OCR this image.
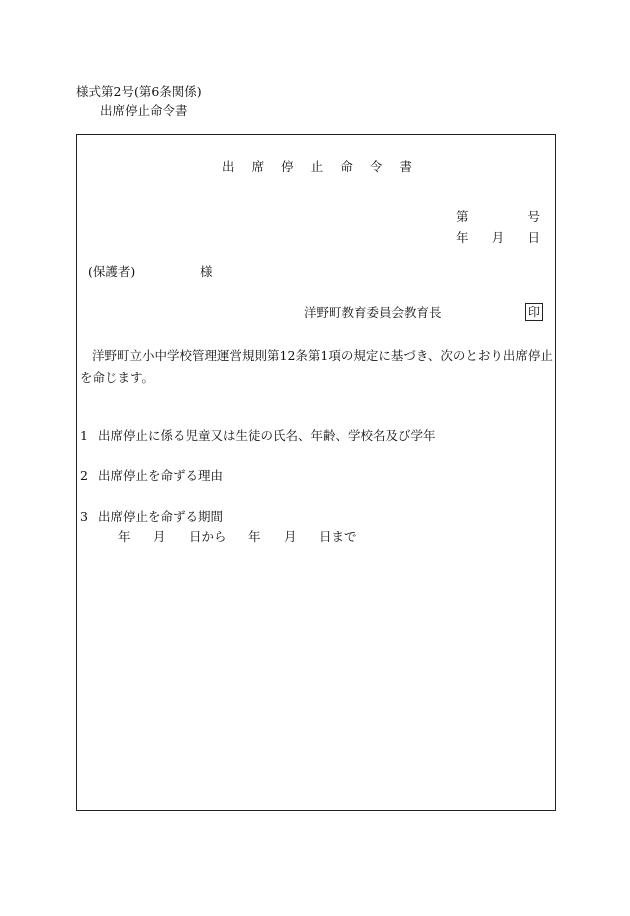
様式第2号(第6条関係)
出席停止命令書
出 席 停 止 命 令 書
第	号
年 月 日
(保護者)	様
洋野町教育委員会教育長	印
洋野町立小中学校管理運営規則第12条第1項の規定に基づき、次のとおり出席停止を命じます。
1 出席停止に係る児童又は生徒の氏名、年齢、学校名及び学年
2 出席停止を命ずる理由
3 出席停止を命ずる期間
年 月 日から 年 月 日まで
